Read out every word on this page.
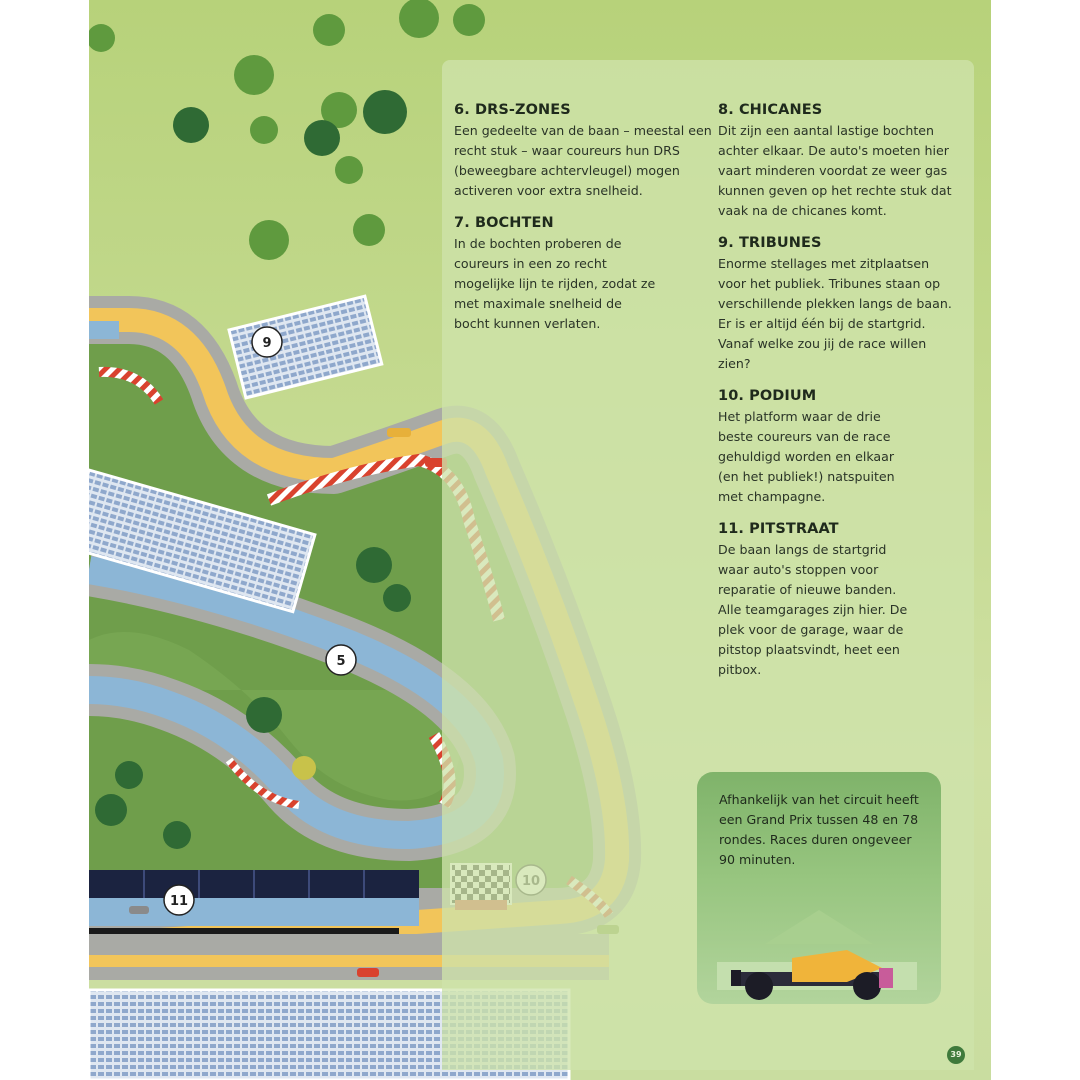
9
5
11
6. DRS-ZONES

Een gedeelte van de baan – meestal een recht stuk – waar coureurs hun DRS (beweegbare achtervleugel) mogen activeren voor extra snelheid.

7. BOCHTEN

In de bochten proberen de coureurs in een zo recht mogelijke lijn te rijden, zodat ze met maximale snelheid de bocht kunnen verlaten.

8. CHICANES

Dit zijn een aantal lastige bochten achter elkaar. De auto's moeten hier vaart minderen voordat ze weer gas kunnen geven op het rechte stuk dat vaak na de chicanes komt.

9. TRIBUNES

Enorme stellages met zitplaatsen voor het publiek. Tribunes staan op verschillende plekken langs de baan. Er is er altijd één bij de startgrid. Vanaf welke zou jij de race willen zien?

10. PODIUM

Het platform waar de drie beste coureurs van de race gehuldigd worden en elkaar (en het publiek!) natspuiten met champagne.

11. PITSTRAAT

De baan langs de startgrid waar auto's stoppen voor reparatie of nieuwe banden. Alle teamgarages zijn hier. De plek voor de garage, waar de pitstop plaatsvindt, heet een pitbox.

Afhankelijk van het circuit heeft een Grand Prix tussen 48 en 78 rondes. Races duren ongeveer 90 minuten.

39
